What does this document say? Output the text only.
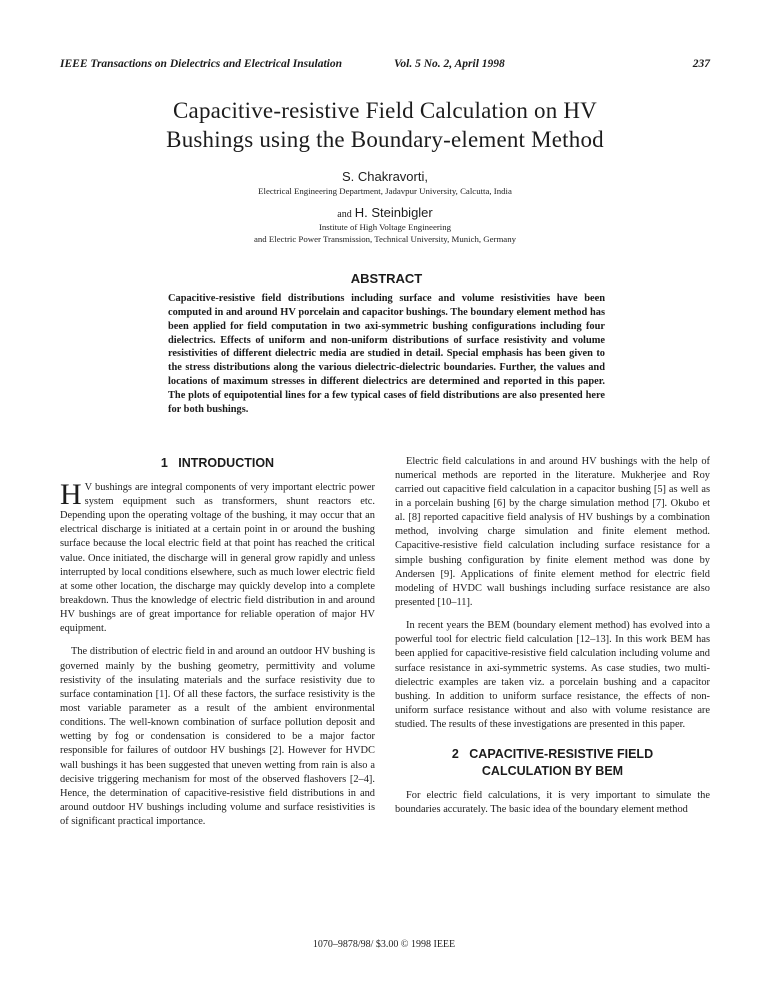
IEEE Transactions on Dielectrics and Electrical Insulation	Vol. 5 No. 2, April 1998	237
Capacitive-resistive Field Calculation on HV Bushings using the Boundary-element Method
S. Chakravorti,
Electrical Engineering Department, Jadavpur University, Calcutta, India
and H. Steinbigler
Institute of High Voltage Engineering
and Electric Power Transmission, Technical University, Munich, Germany
ABSTRACT

Capacitive-resistive field distributions including surface and volume resistivities have been computed in and around HV porcelain and capacitor bushings. The boundary element method has been applied for field computation in two axi-symmetric bushing configurations including four dielectrics. Effects of uniform and non-uniform distributions of surface resistivity and volume resistivities of different dielectric media are studied in detail. Special emphasis has been given to the stress distributions along the various dielectric-dielectric boundaries. Further, the values and locations of maximum stresses in different dielectrics are determined and reported in this paper. The plots of equipotential lines for a few typical cases of field distributions are also presented here for both bushings.

1   INTRODUCTION

H V bushings are integral components of very important electric power system equipment such as transformers, shunt reactors etc. Depending upon the operating voltage of the bushing, it may occur that an electrical discharge is initiated at a certain point in or around the bushing surface because the local electric field at that point has reached the critical value. Once initiated, the discharge will in general grow rapidly and unless interrupted by local conditions elsewhere, such as much lower electric field at some other location, the discharge may quickly develop into a complete breakdown. Thus the knowledge of electric field distribution in and around HV bushings are of great importance for reliable operation of major HV equipment.

The distribution of electric field in and around an outdoor HV bushing is governed mainly by the bushing geometry, permittivity and volume resistivity of the insulating materials and the surface resistivity due to surface contamination [1]. Of all these factors, the surface resistivity is the most variable parameter as a result of the ambient environmental conditions. The well-known combination of surface pollution deposit and wetting by fog or condensation is considered to be a major factor responsible for failures of outdoor HV bushings [2]. However for HVDC wall bushings it has been suggested that uneven wetting from rain is also a decisive triggering mechanism for most of the observed flashovers [2–4]. Hence, the determination of capacitive-resistive field distributions in and around outdoor HV bushings including volume and surface resistivities is of significant practical importance.

Electric field calculations in and around HV bushings with the help of numerical methods are reported in the literature. Mukherjee and Roy carried out capacitive field calculation in a capacitor bushing [5] as well as in a porcelain bushing [6] by the charge simulation method [7]. Okubo et al. [8] reported capacitive field analysis of HV bushings by a combination method, involving charge simulation and finite element method. Capacitive-resistive field calculation including surface resistance for a simple bushing configuration by finite element method was done by Andersen [9]. Applications of finite element method for electric field modeling of HVDC wall bushings including surface resistance are also presented [10–11].

In recent years the BEM (boundary element method) has evolved into a powerful tool for electric field calculation [12–13]. In this work BEM has been applied for capacitive-resistive field calculation including volume and surface resistance in axi-symmetric systems. As case studies, two multi-dielectric examples are taken viz. a porcelain bushing and a capacitor bushing. In addition to uniform surface resistance, the effects of non-uniform surface resistance without and also with volume resistance are studied. The results of these investigations are presented in this paper.

2   CAPACITIVE-RESISTIVE FIELD
CALCULATION BY BEM

For electric field calculations, it is very important to simulate the boundaries accurately. The basic idea of the boundary element method

1070–9878/98/ $3.00 © 1998 IEEE
